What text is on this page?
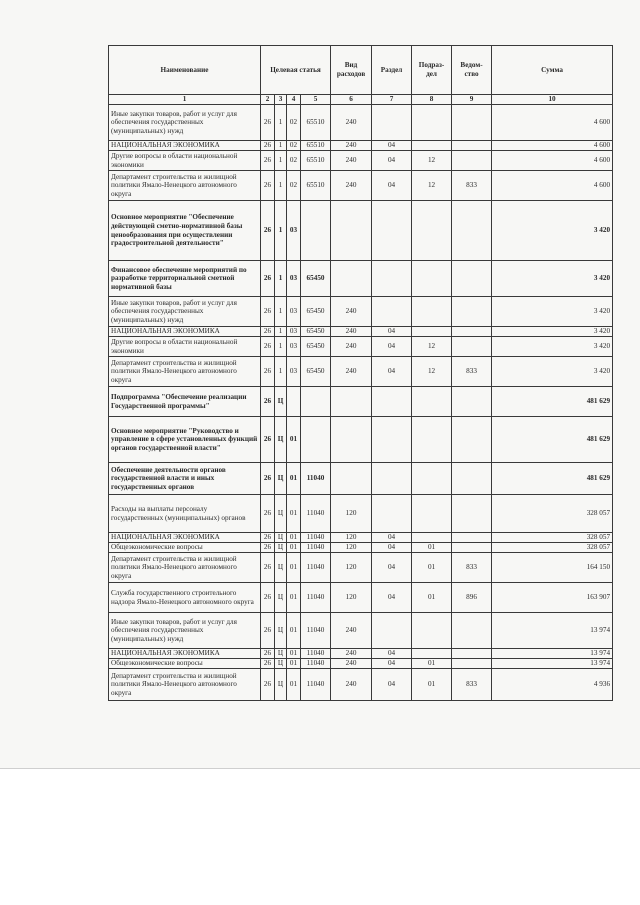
Наименование	Целевая статья				Вид расходов	Раздел	Подраз-дел	Ведом-ство	Сумма
1	2	3	4	5	6	7	8	9	10
Иные закупки товаров, работ и услуг для обеспечения государственных (муниципальных) нужд	26	1	02	65510	240				4 600
НАЦИОНАЛЬНАЯ ЭКОНОМИКА	26	1	02	65510	240	04			4 600
Другие вопросы в области национальной экономики	26	1	02	65510	240	04	12		4 600
Департамент строительства и жилищной политики Ямало-Ненецкого автономного округа	26	1	02	65510	240	04	12	833	4 600
Основное мероприятие "Обеспечение действующей сметно-нормативной базы ценообразования при осуществлении градостроительной деятельности"	26	1	03						3 420
Финансовое обеспечение мероприятий по разработке территориальной сметной нормативной базы	26	1	03	65450					3 420
Иные закупки товаров, работ и услуг для обеспечения государственных (муниципальных) нужд	26	1	03	65450	240				3 420
НАЦИОНАЛЬНАЯ ЭКОНОМИКА	26	1	03	65450	240	04			3 420
Другие вопросы в области национальной экономики	26	1	03	65450	240	04	12		3 420
Департамент строительства и жилищной политики Ямало-Ненецкого автономного округа	26	1	03	65450	240	04	12	833	3 420
Подпрограмма "Обеспечение реализации Государственной программы"	26	Ц							481 629
Основное мероприятие "Руководство и управление в сфере установленных функций органов государственной власти"	26	Ц	01						481 629
Обеспечение деятельности органов государственной власти и иных государственных органов	26	Ц	01	11040					481 629
Расходы на выплаты персоналу государственных (муниципальных) органов	26	Ц	01	11040	120				328 057
НАЦИОНАЛЬНАЯ ЭКОНОМИКА	26	Ц	01	11040	120	04			328 057
Общеэкономические вопросы	26	Ц	01	11040	120	04	01		328 057
Департамент строительства и жилищной политики Ямало-Ненецкого автономного округа	26	Ц	01	11040	120	04	01	833	164 150
Служба государственного строительного надзора Ямало-Ненецкого автономного округа	26	Ц	01	11040	120	04	01	896	163 907
Иные закупки товаров, работ и услуг для обеспечения государственных (муниципальных) нужд	26	Ц	01	11040	240				13 974
НАЦИОНАЛЬНАЯ ЭКОНОМИКА	26	Ц	01	11040	240	04			13 974
Общеэкономические вопросы	26	Ц	01	11040	240	04	01		13 974
Департамент строительства и жилищной политики Ямало-Ненецкого автономного округа	26	Ц	01	11040	240	04	01	833	4 936
